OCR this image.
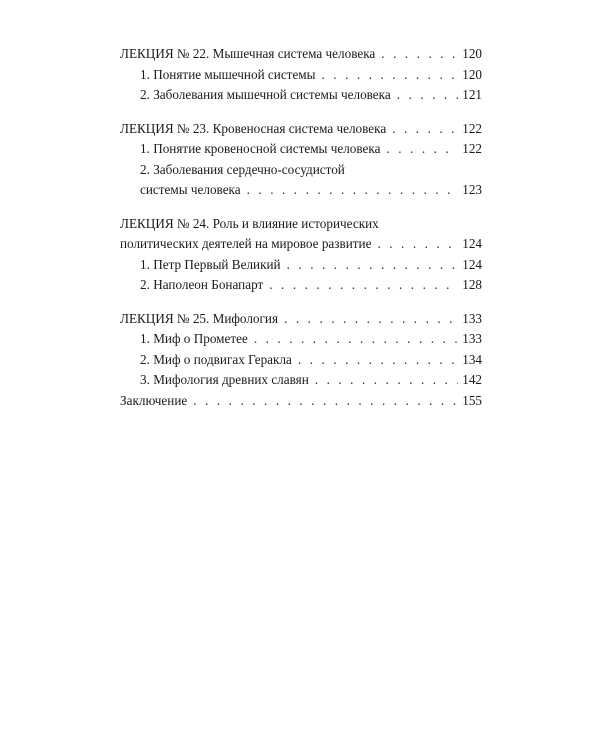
ЛЕКЦИЯ № 22. Мышечная система человека . . .	120
1. Понятие мышечной системы . . .	120
2. Заболевания мышечной системы человека . . .	121
ЛЕКЦИЯ № 23. Кровеносная система человека . . .	122
1. Понятие кровеносной системы человека . . .	122
2. Заболевания сердечно-сосудистой
системы человека . . .	123
ЛЕКЦИЯ № 24. Роль и влияние исторических
политических деятелей на мировое развитие . . .	124
1. Петр Первый Великий . . .	124
2. Наполеон Бонапарт . . .	128
ЛЕКЦИЯ № 25. Мифология . . .	133
1. Миф о Прометее . . .	133
2. Миф о подвигах Геракла . . .	134
3. Мифология древних славян . . .	142
Заключение . . .	155
